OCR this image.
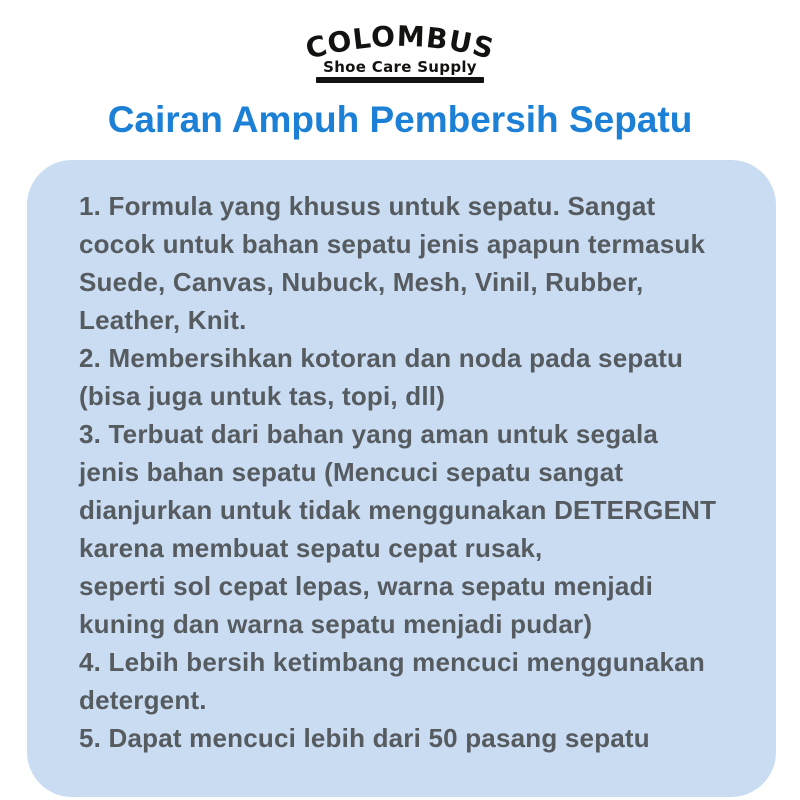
COLOMBUS
Shoe Care Supply
Cairan Ampuh Pembersih Sepatu
1. Formula yang khusus untuk sepatu. Sangat
cocok untuk bahan sepatu jenis apapun termasuk
Suede, Canvas, Nubuck, Mesh, Vinil, Rubber,
Leather, Knit.
2. Membersihkan kotoran dan noda pada sepatu
(bisa juga untuk tas, topi, dll)
3. Terbuat dari bahan yang aman untuk segala
jenis bahan sepatu (Mencuci sepatu sangat
dianjurkan untuk tidak menggunakan DETERGENT
karena membuat sepatu cepat rusak,
seperti sol cepat lepas, warna sepatu menjadi
kuning dan warna sepatu menjadi pudar)
4. Lebih bersih ketimbang mencuci menggunakan
detergent.
5. Dapat mencuci lebih dari 50 pasang sepatu
